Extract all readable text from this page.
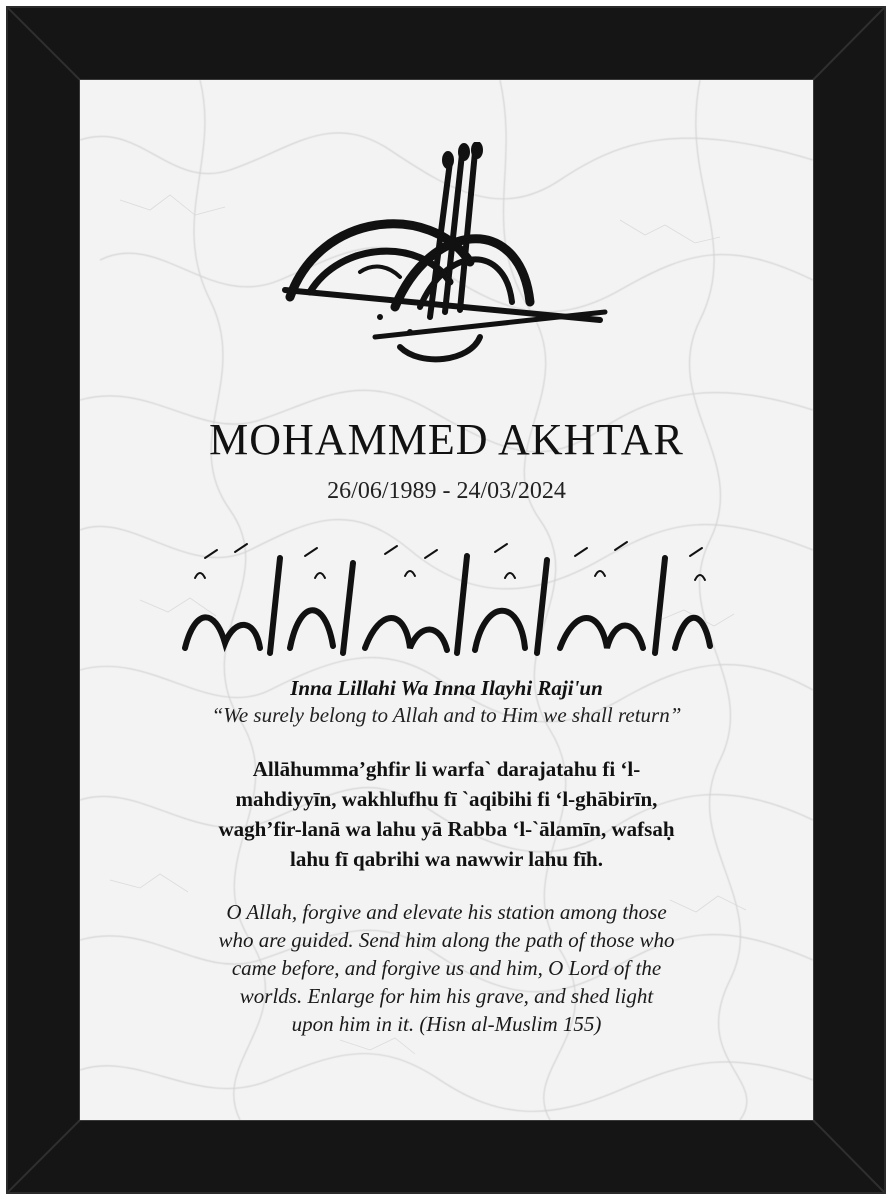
MOHAMMED AKHTAR
26/06/1989 - 24/03/2024
Inna Lillahi Wa Inna Ilayhi Raji'un
“We surely belong to Allah and to Him we shall return”
Allāhumma’ghfir li warfa` darajatahu fi ‘l-
mahdiyyīn, wakhlufhu fī `aqibihi fi ‘l-ghābirīn,
wagh’fir-lanā wa lahu yā Rabba ‘l-`ālamīn, wafsaḥ
lahu fī qabrihi wa nawwir lahu fīh.
O Allah, forgive and elevate his station among those
who are guided. Send him along the path of those who
came before, and forgive us and him, O Lord of the
worlds. Enlarge for him his grave, and shed light
upon him in it. (Hisn al-Muslim 155)
